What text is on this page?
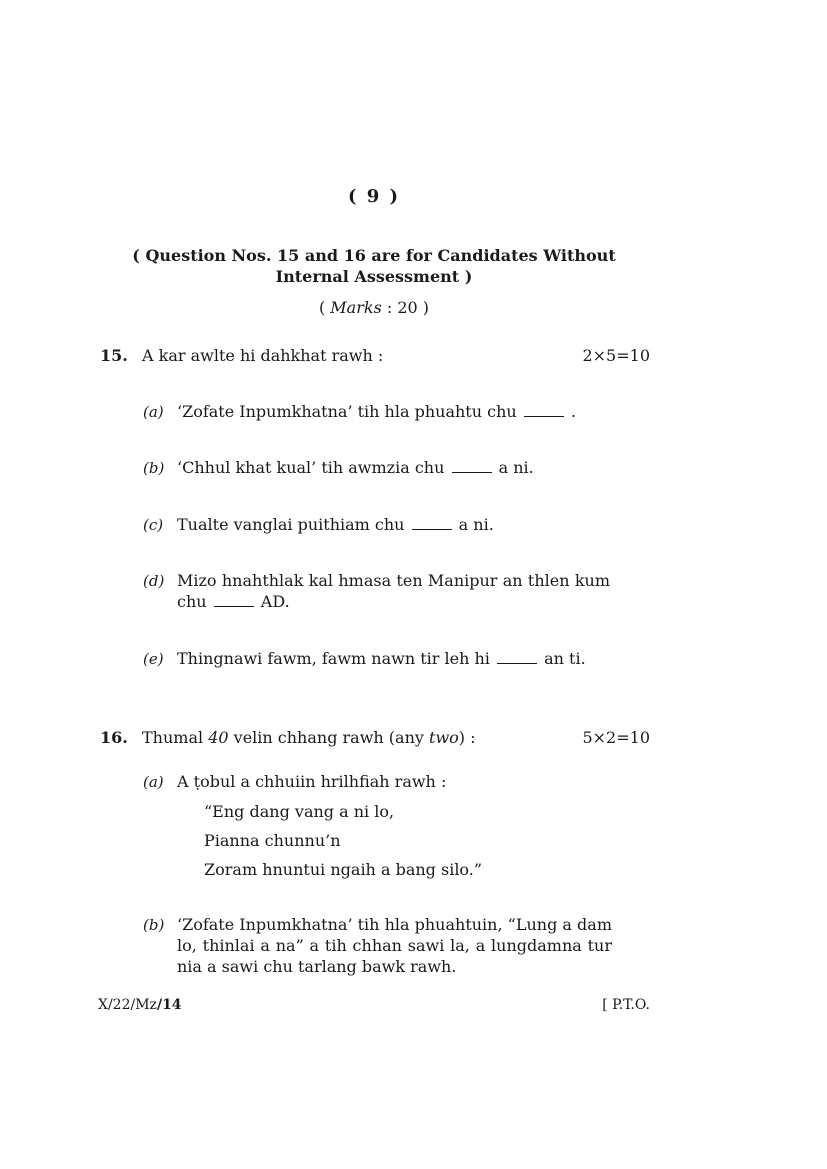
( 9 )
( Question Nos. 15 and 16 are for Candidates Without Internal Assessment )
( Marks : 20 )
15. A kar awlte hi dahkhat rawh :	2×5=10
(a) ‘Zofate Inpumkhatna’ tih hla phuahtu chu	.
(b) ‘Chhul khat kual’ tih awmzia chu	a ni.
(c) Tualte vanglai puithiam chu	a ni.
(d) Mizo hnahthlak kal hmasa ten Manipur an thlen kum chu	AD.
(e) Thingnawi fawm, fawm nawn tir leh hi	an ti.
16. Thumal 40 velin chhang rawh (any two) :	5×2=10
(a) A ṭobul a chhuiin hrilhfiah rawh :
“Eng dang vang a ni lo,
Pianna chunnu’n
Zoram hnuntui ngaih a bang silo.”
(b) ‘Zofate Inpumkhatna’ tih hla phuahtuin, “Lung a dam lo, thinlai a na” a tih chhan sawi la, a lungdamna tur nia a sawi chu tarlang bawk rawh.
X/22/Mz/14	[ P.T.O.
